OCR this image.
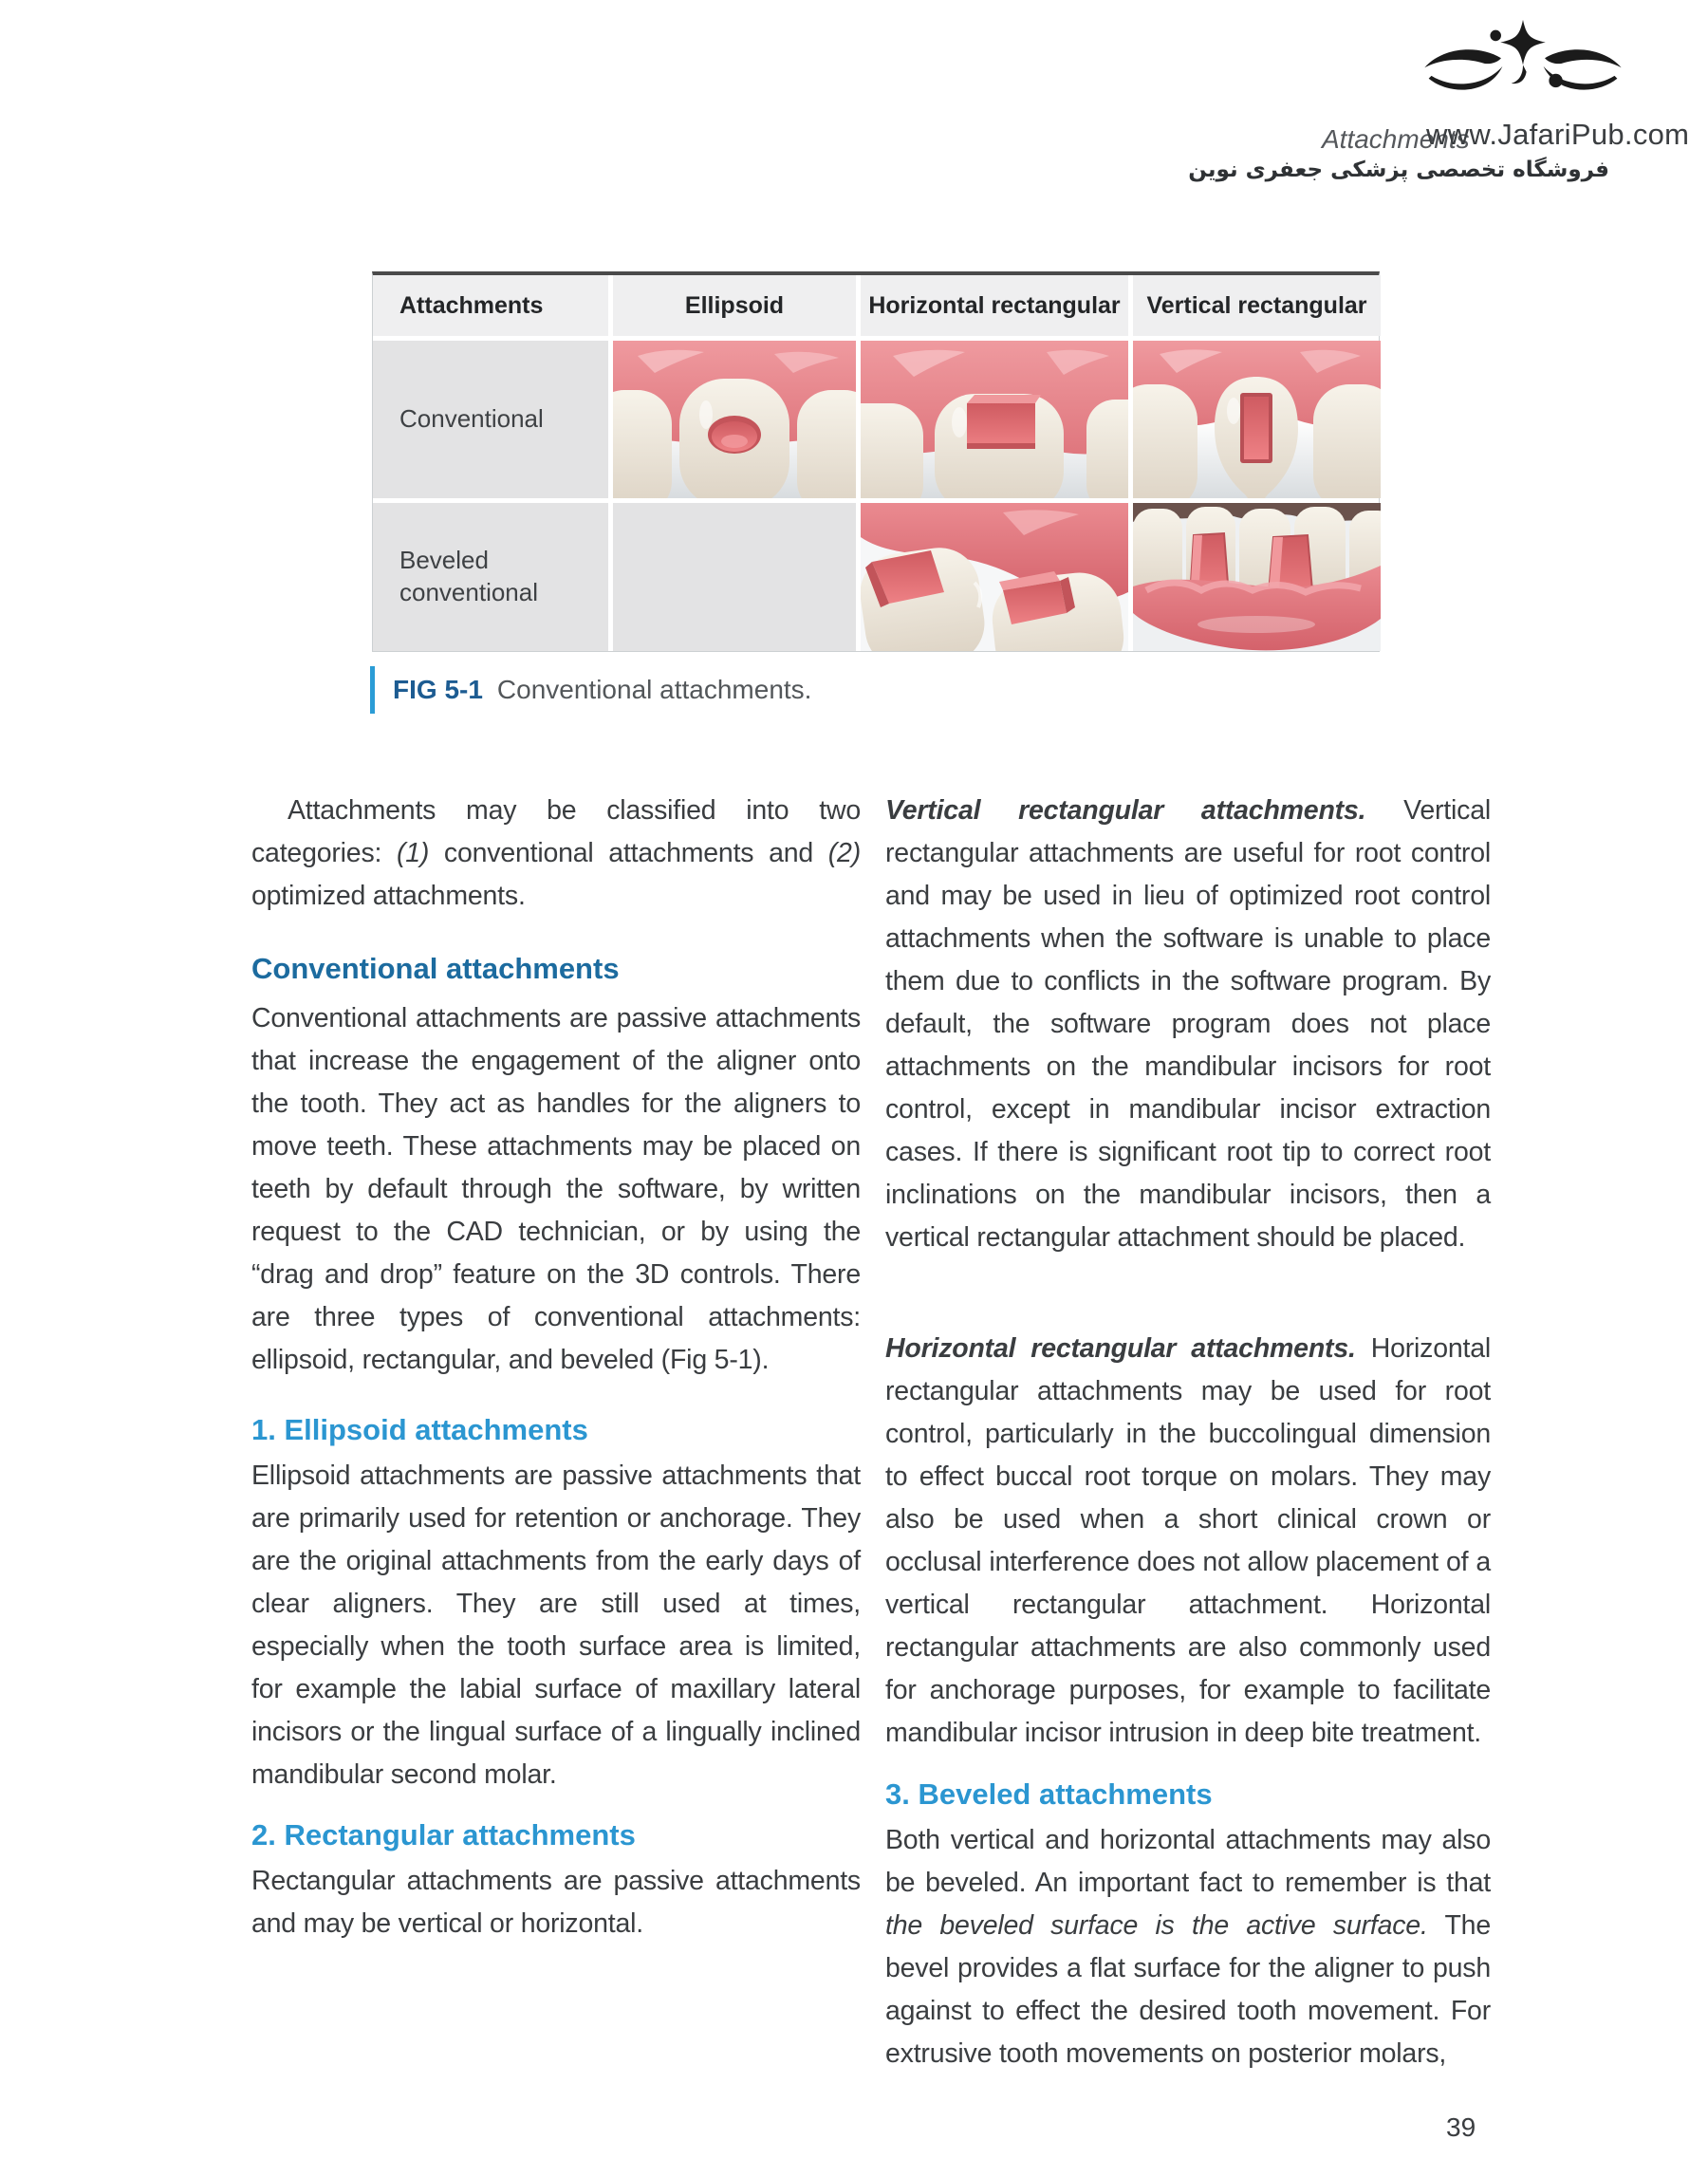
Attachments
www.JafariPub.com
فروشگاه تخصصی پزشکی جعفری نوین
Attachments	Ellipsoid	Horizontal rectangular	Vertical rectangular
Conventional
Beveled conventional
FIG 5-1 Conventional attachments.

Attachments may be classified into two categories: (1) conventional attachments and (2) optimized attachments.

Conventional attachments

Conventional attachments are passive attachments that increase the engagement of the aligner onto the tooth. They act as handles for the aligners to move teeth. These attachments may be placed on teeth by default through the software, by written request to the CAD technician, or by using the “drag and drop” feature on the 3D controls. There are three types of conventional attachments: ellipsoid, rectangular, and beveled (Fig 5-1).

1. Ellipsoid attachments

Ellipsoid attachments are passive attachments that are primarily used for retention or anchorage. They are the original attachments from the early days of clear aligners. They are still used at times, especially when the tooth surface area is limited, for example the labial surface of maxillary lateral incisors or the lingual surface of a lingually inclined mandibular second molar.

2. Rectangular attachments

Rectangular attachments are passive attachments and may be vertical or horizontal.

Vertical rectangular attachments. Vertical rectangular attachments are useful for root control and may be used in lieu of optimized root control attachments when the software is unable to place them due to conflicts in the software program. By default, the software program does not place attachments on the mandibular incisors for root control, except in mandibular incisor extraction cases. If there is significant root tip to correct root inclinations on the mandibular incisors, then a vertical rectangular attachment should be placed.

Horizontal rectangular attachments. Horizontal rectangular attachments may be used for root control, particularly in the buccolingual dimension to effect buccal root torque on molars. They may also be used when a short clinical crown or occlusal interference does not allow placement of a vertical rectangular attachment. Horizontal rectangular attachments are also commonly used for anchorage purposes, for example to facilitate mandibular incisor intrusion in deep bite treatment.

3. Beveled attachments

Both vertical and horizontal attachments may also be beveled. An important fact to remember is that the beveled surface is the active surface. The bevel provides a flat surface for the aligner to push against to effect the desired tooth movement. For extrusive tooth movements on posterior molars,

39
